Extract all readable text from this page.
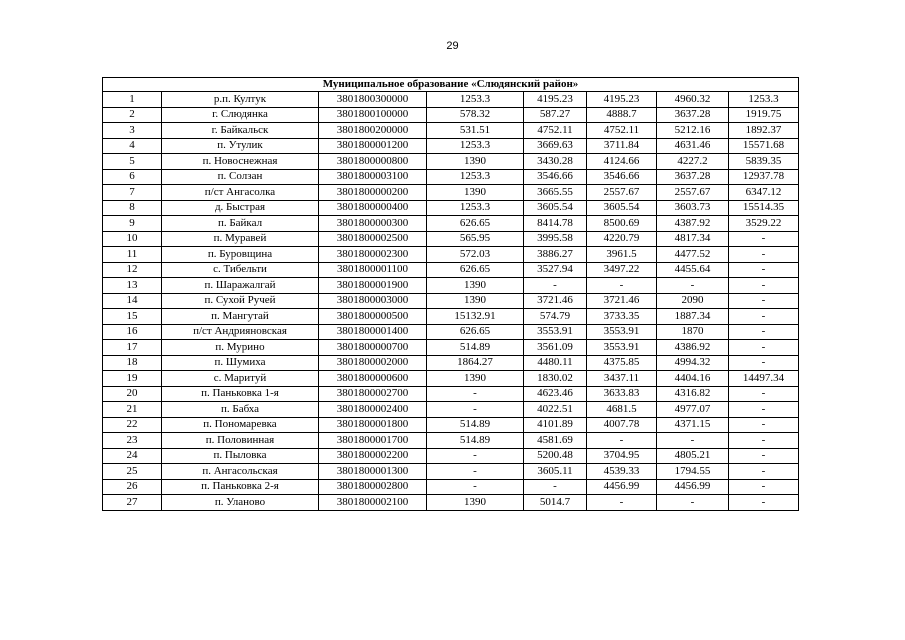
29
Муниципальное образование «Слюдянский район»							
1	р.п. Култук	3801800300000	1253.3	4195.23	4195.23	4960.32	1253.3
2	г. Слюдянка	3801800100000	578.32	587.27	4888.7	3637.28	1919.75
3	г. Байкальск	3801800200000	531.51	4752.11	4752.11	5212.16	1892.37
4	п. Утулик	3801800001200	1253.3	3669.63	3711.84	4631.46	15571.68
5	п. Новоснежная	3801800000800	1390	3430.28	4124.66	4227.2	5839.35
6	п. Солзан	3801800003100	1253.3	3546.66	3546.66	3637.28	12937.78
7	п/ст Ангасолка	3801800000200	1390	3665.55	2557.67	2557.67	6347.12
8	д. Быстрая	3801800000400	1253.3	3605.54	3605.54	3603.73	15514.35
9	п. Байкал	3801800000300	626.65	8414.78	8500.69	4387.92	3529.22
10	п. Муравей	3801800002500	565.95	3995.58	4220.79	4817.34	-
11	п. Буровщина	3801800002300	572.03	3886.27	3961.5	4477.52	-
12	с. Тибельти	3801800001100	626.65	3527.94	3497.22	4455.64	-
13	п. Шаражалгай	3801800001900	1390	-	-	-	-
14	п. Сухой Ручей	3801800003000	1390	3721.46	3721.46	2090	-
15	п. Мангутай	3801800000500	15132.91	574.79	3733.35	1887.34	-
16	п/ст Андрияновская	3801800001400	626.65	3553.91	3553.91	1870	-
17	п. Мурино	3801800000700	514.89	3561.09	3553.91	4386.92	-
18	п. Шумиха	3801800002000	1864.27	4480.11	4375.85	4994.32	-
19	с. Маритуй	3801800000600	1390	1830.02	3437.11	4404.16	14497.34
20	п. Паньковка 1-я	3801800002700	-	4623.46	3633.83	4316.82	-
21	п. Бабха	3801800002400	-	4022.51	4681.5	4977.07	-
22	п. Пономаревка	3801800001800	514.89	4101.89	4007.78	4371.15	-
23	п. Половинная	3801800001700	514.89	4581.69	-	-	-
24	п. Пыловка	3801800002200	-	5200.48	3704.95	4805.21	-
25	п. Ангасольская	3801800001300	-	3605.11	4539.33	1794.55	-
26	п. Паньковка 2-я	3801800002800	-	-	4456.99	4456.99	-
27	п. Уланово	3801800002100	1390	5014.7	-	-	-
